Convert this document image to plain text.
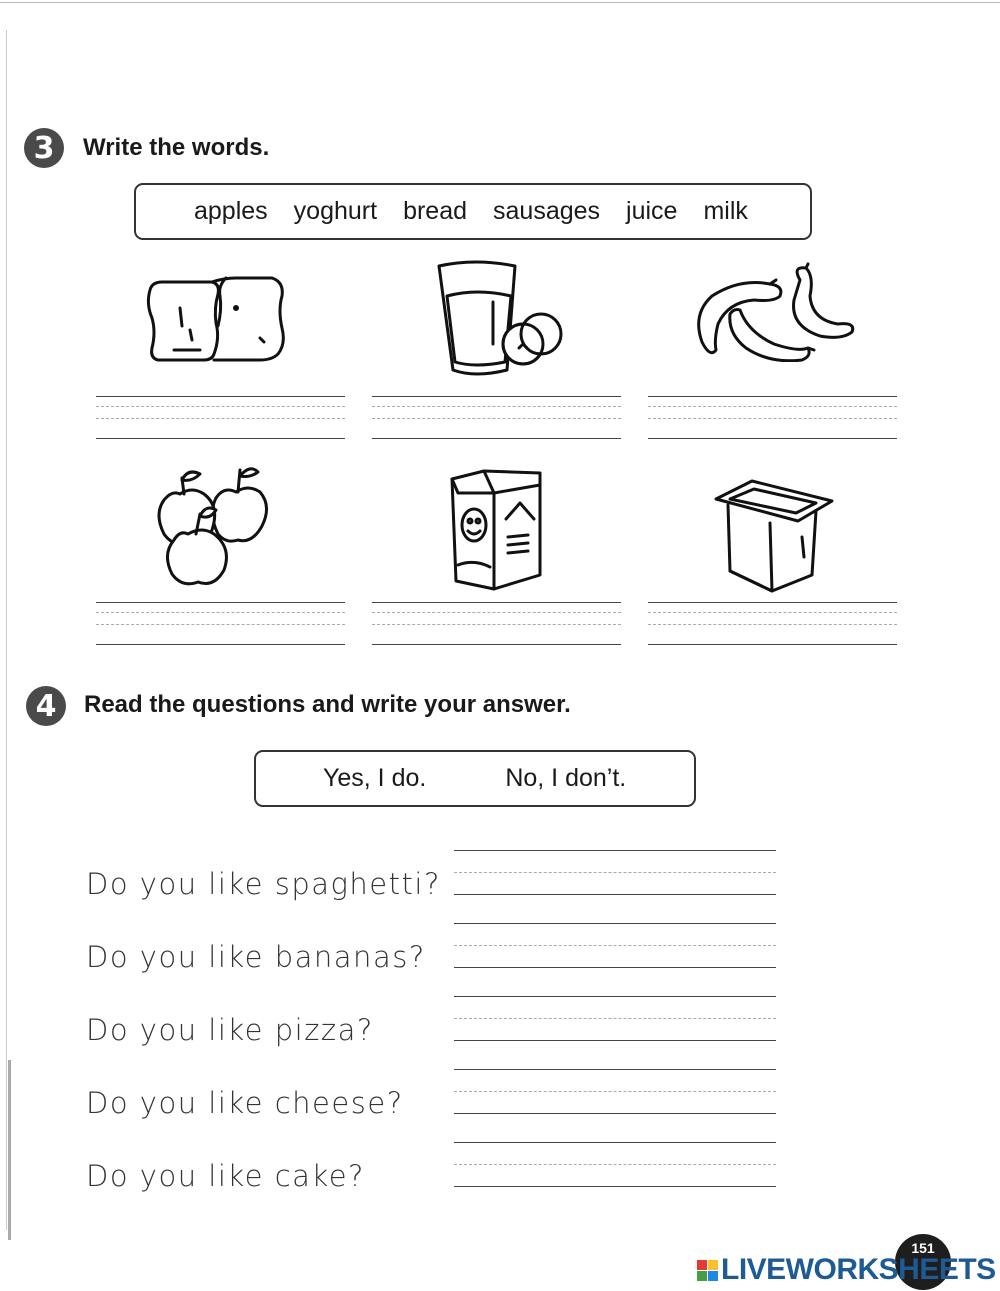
3	Write the words.
apples yoghurt bread sausages juice milk
4	Read the questions and write your answer.
Yes, I do.	No, I don’t.
Do you like spaghetti?
Do you like bananas?
Do you like pizza?
Do you like cheese?
Do you like cake?
151
LIVEWORKSHEETS
